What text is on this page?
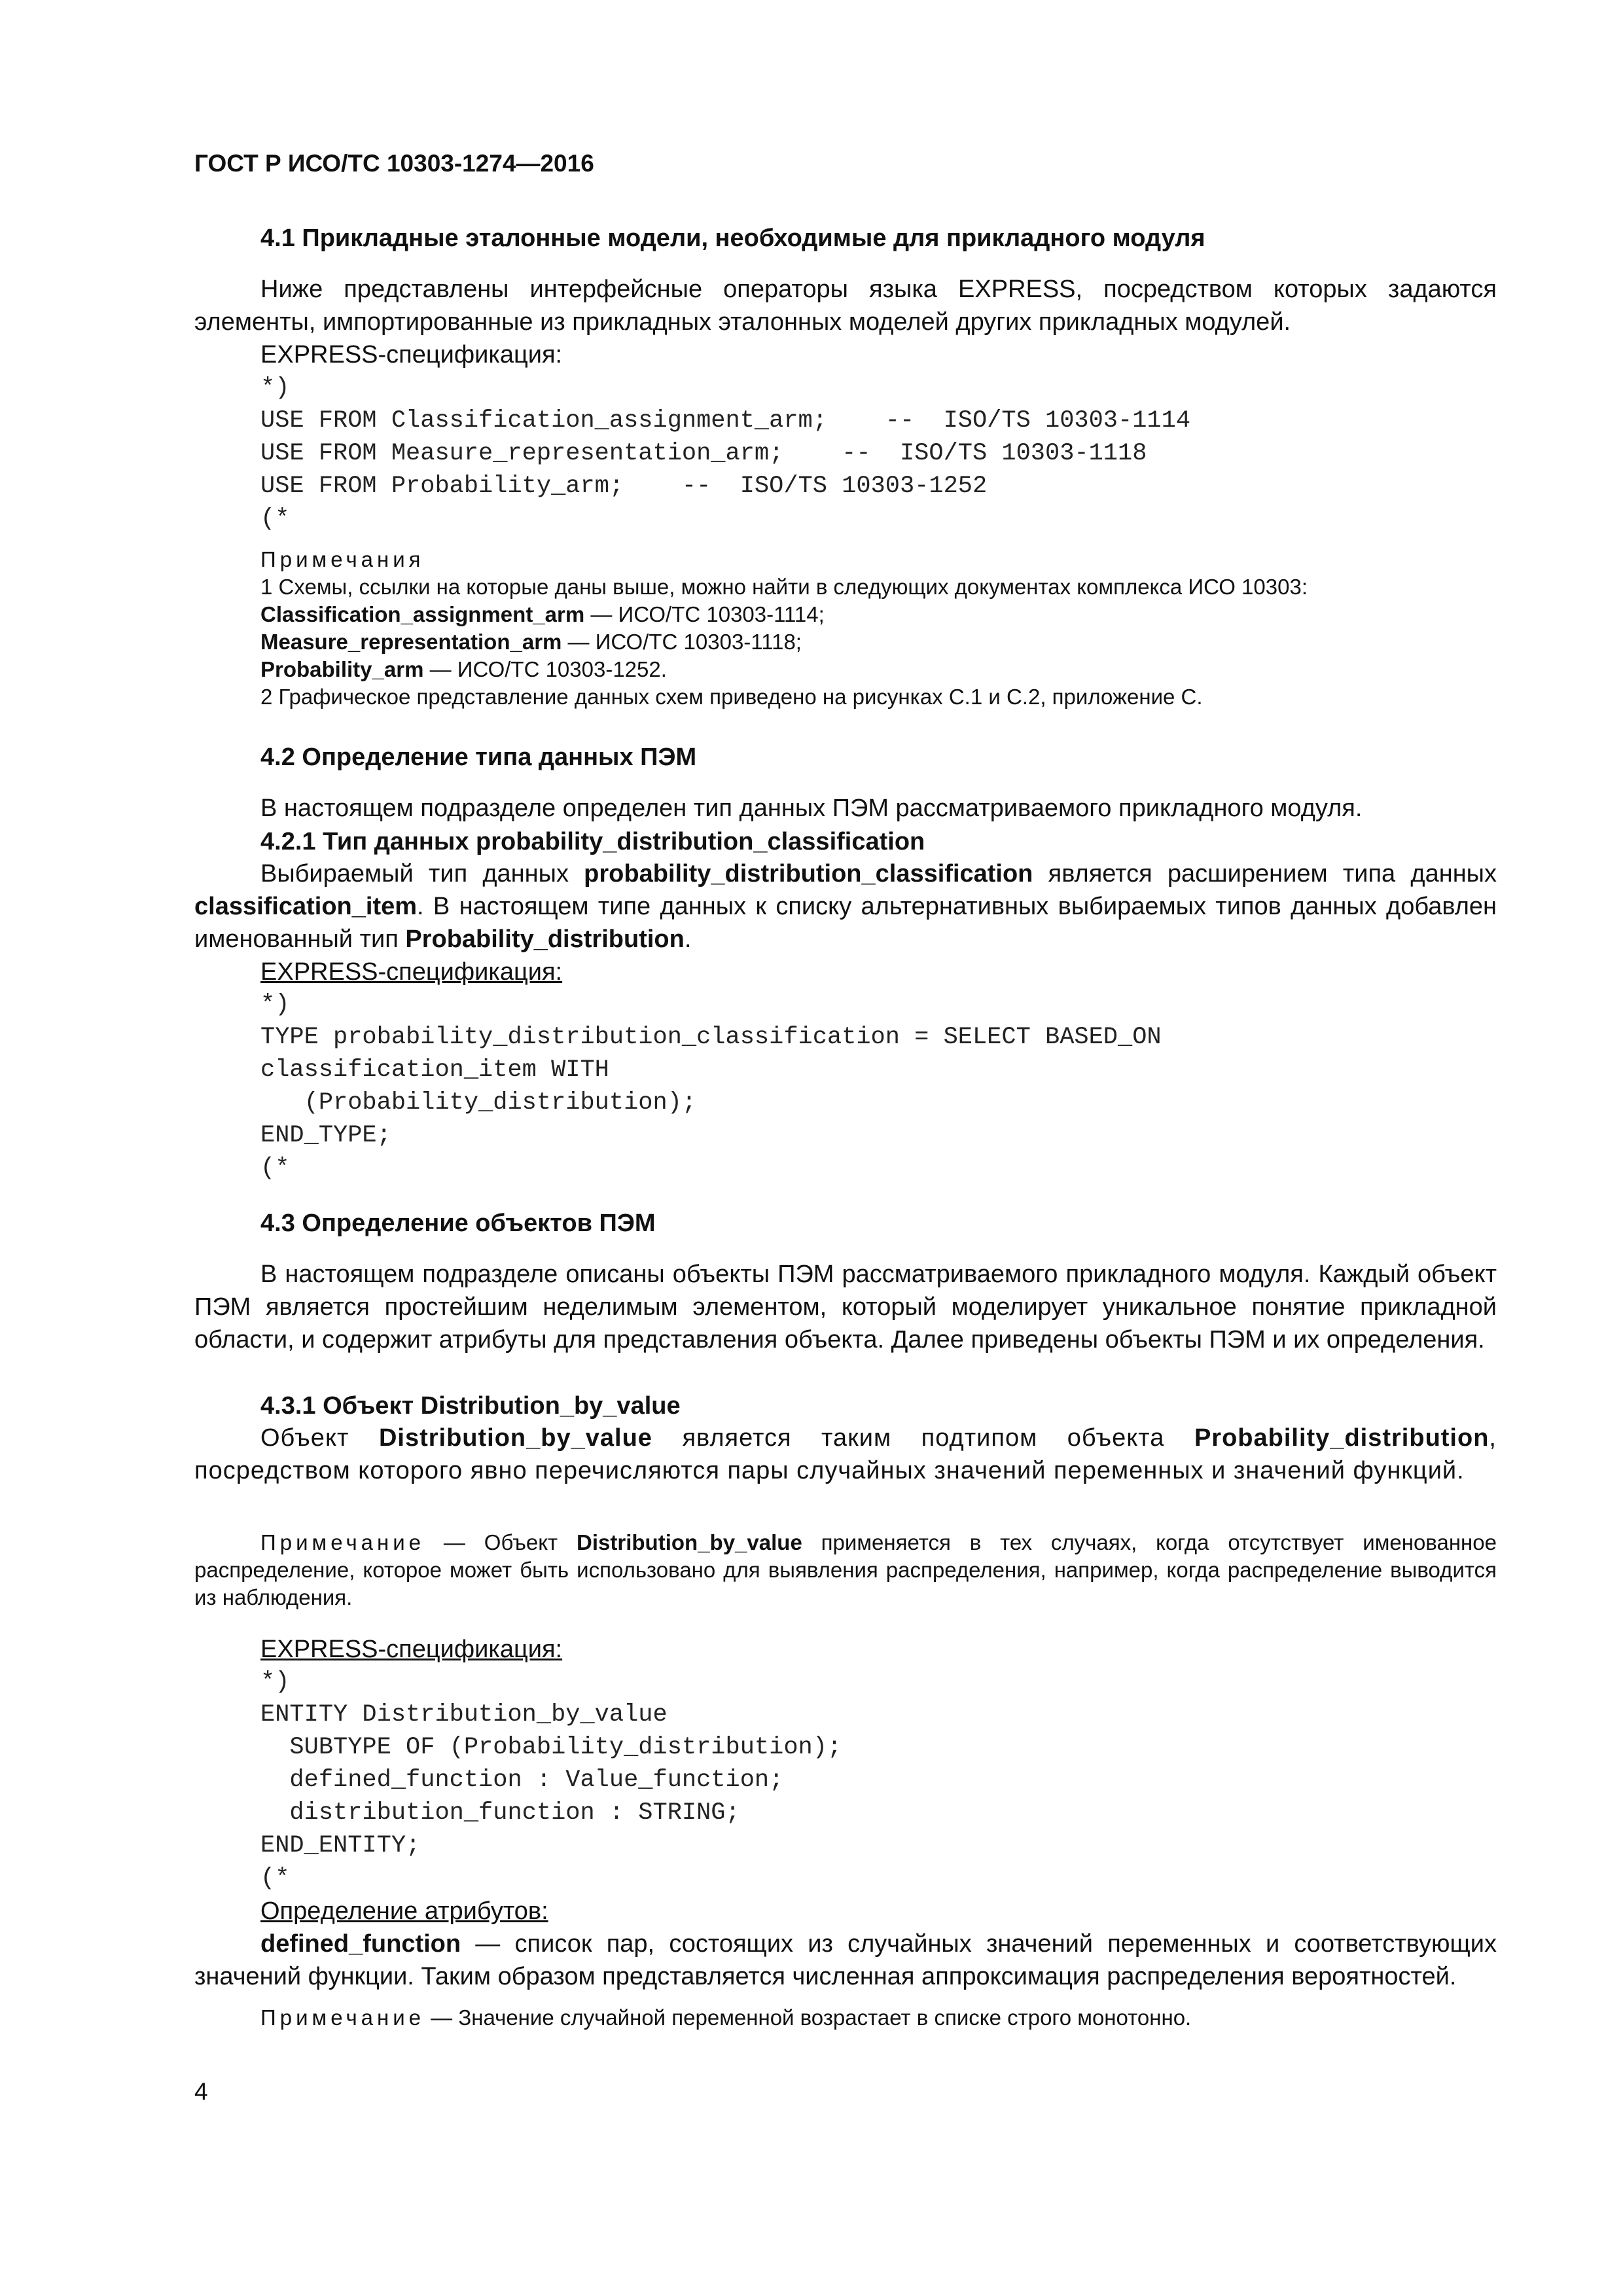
ГОСТ Р ИСО/ТС 10303-1274—2016
4.1 Прикладные эталонные модели, необходимые для прикладного модуля

Ниже представлены интерфейсные операторы языка EXPRESS, посредством которых задаются элементы, импортированные из прикладных эталонных моделей других прикладных модулей.

EXPRESS-спецификация:
*)
USE FROM Classification_assignment_arm;    --  ISO/TS 10303-1114
USE FROM Measure_representation_arm;    --  ISO/TS 10303-1118
USE FROM Probability_arm;    --  ISO/TS 10303-1252
(*
Примечания
1 Схемы, ссылки на которые даны выше, можно найти в следующих документах комплекса ИСО 10303:
Classification_assignment_arm — ИСО/ТС 10303-1114;
Measure_representation_arm — ИСО/ТС 10303-1118;
Probability_arm — ИСО/ТС 10303-1252.
2 Графическое представление данных схем приведено на рисунках С.1 и С.2, приложение С.
4.2 Определение типа данных ПЭМ

В настоящем подразделе определен тип данных ПЭМ рассматриваемого прикладного модуля.

4.2.1 Тип данных probability_distribution_classification

Выбираемый тип данных probability_distribution_classification является расширением типа данных classification_item. В настоящем типе данных к списку альтернативных выбираемых типов данных добавлен именованный тип Probability_distribution.

EXPRESS-спецификация:
*)
TYPE probability_distribution_classification = SELECT BASED_ON
classification_item WITH
(Probability_distribution);
END_TYPE;
(*
4.3 Определение объектов ПЭМ

В настоящем подразделе описаны объекты ПЭМ рассматриваемого прикладного модуля. Каждый объект ПЭМ является простейшим неделимым элементом, который моделирует уникальное понятие прикладной области, и содержит атрибуты для представления объекта. Далее приведены объекты ПЭМ и их определения.

4.3.1 Объект Distribution_by_value

Объект Distribution_by_value является таким подтипом объекта Probability_distribution, посредством которого явно перечисляются пары случайных значений переменных и значений функций.

Примечание — Объект Distribution_by_value применяется в тех случаях, когда отсутствует именованное распределение, которое может быть использовано для выявления распределения, например, когда распределение выводится из наблюдения.

EXPRESS-спецификация:
*)
ENTITY Distribution_by_value
SUBTYPE OF (Probability_distribution);
defined_function : Value_function;
distribution_function : STRING;
END_ENTITY;
(*
Определение атрибутов:

defined_function — список пар, состоящих из случайных значений переменных и соответствующих значений функции. Таким образом представляется численная аппроксимация распределения вероятностей.

Примечание — Значение случайной переменной возрастает в списке строго монотонно.

4
